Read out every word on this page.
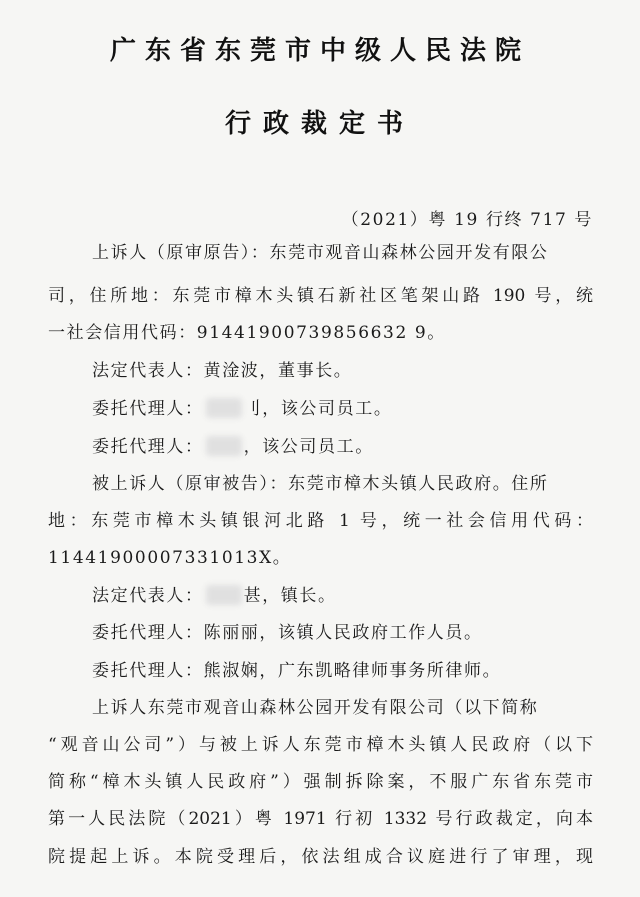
广东省东莞市中级人民法院
行政裁定书
（2021）粤 19 行终 717 号
上诉人（原审原告）：东莞市观音山森林公园开发有限公
司，住所地：东莞市樟木头镇石新社区笔架山路 190 号，统
一社会信用代码：91441900739856632 9。
法定代表人：黄淦波，董事长。
委托代理人： 刂，该公司员工。
委托代理人： ，该公司员工。
被上诉人（原审被告）：东莞市樟木头镇人民政府。住所
地：东莞市樟木头镇银河北路 1 号，统一社会信用代码：
11441900007331013X。
法定代表人： 甚，镇长。
委托代理人：陈丽丽，该镇人民政府工作人员。
委托代理人：熊淑娴，广东凯略律师事务所律师。
上诉人东莞市观音山森林公园开发有限公司（以下简称
“观音山公司”）与被上诉人东莞市樟木头镇人民政府（以下
简称“樟木头镇人民政府”）强制拆除案，不服广东省东莞市
第一人民法院（2021）粤 1971 行初 1332 号行政裁定，向本
院提起上诉。本院受理后，依法组成合议庭进行了审理，现
